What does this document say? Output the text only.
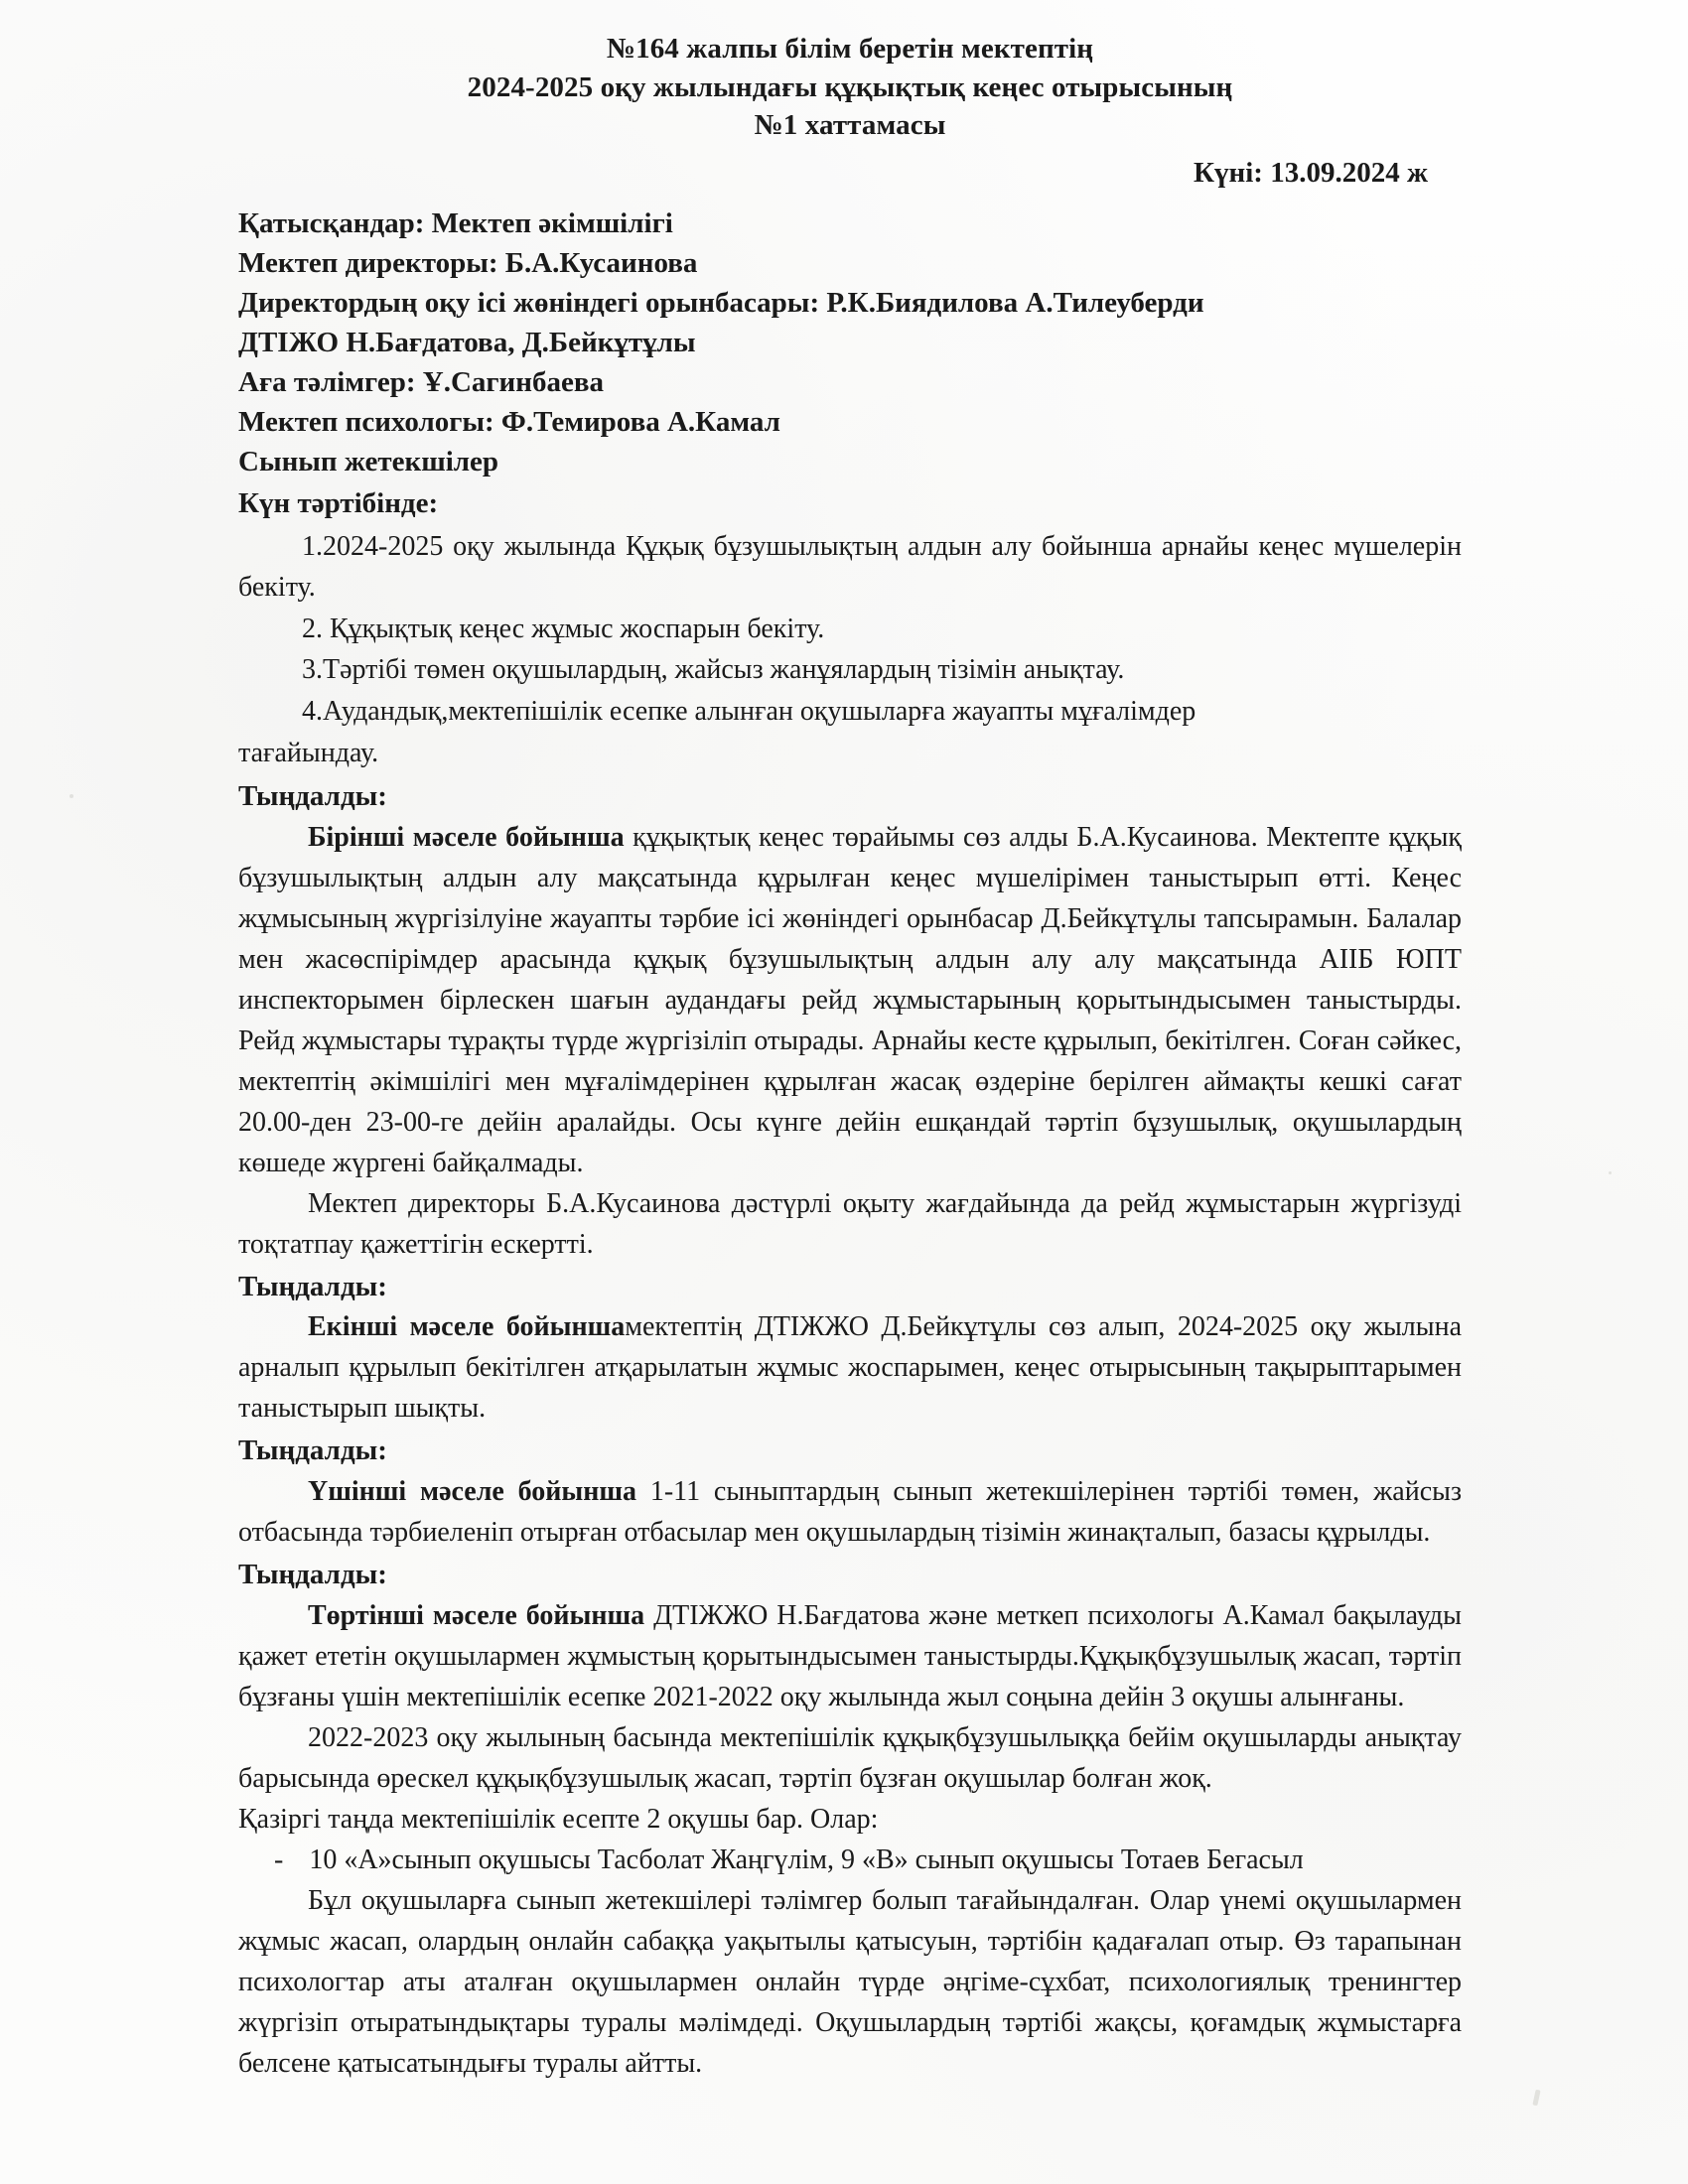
№164 жалпы білім беретін мектептің
2024-2025 оқу жылындағы құқықтық кеңес отырысының
№1 хаттамасы
Күні: 13.09.2024 ж
Қатысқандар: Мектеп әкімшілігі
Мектеп директоры: Б.А.Кусаинова
Директордың оқу ісі жөніндегі орынбасары: Р.К.Биядилова А.Тилеуберди
ДТІЖО Н.Бағдатова, Д.Бейкұтұлы
Аға тәлімгер: Ұ.Сагинбаева
Мектеп психологы: Ф.Темирова А.Камал
Сынып жетекшілер
Күн тәртібінде:
1.2024-2025 оқу жылында Құқық бұзушылықтың алдын алу бойынша арнайы кеңес мүшелерін бекіту.
2. Құқықтық кеңес жұмыс жоспарын бекіту.
3.Тәртібі төмен оқушылардың, жайсыз жанұялардың тізімін анықтау.
4.Аудандық,мектепішілік есепке алынған оқушыларға жауапты мұғалімдер
тағайындау.
Тыңдалды:

Бірінші мәселе бойынша құқықтық кеңес төрайымы сөз алды Б.А.Кусаинова. Мектепте құқық бұзушылықтың алдын алу мақсатында құрылған кеңес мүшелірімен таныстырып өтті. Кеңес жұмысының жүргізілуіне жауапты тәрбие ісі жөніндегі орынбасар Д.Бейкұтұлы тапсырамын. Балалар мен жасөспірімдер арасында құқық бұзушылықтың алдын алу алу мақсатында АІІБ ЮПТ инспекторымен бірлескен шағын аудандағы рейд жұмыстарының қорытындысымен таныстырды. Рейд жұмыстары тұрақты түрде жүргізіліп отырады. Арнайы кесте құрылып, бекітілген. Соған сәйкес, мектептің әкімшілігі мен мұғалімдерінен құрылған жасақ өздеріне берілген аймақты кешкі сағат 20.00-ден 23-00-ге дейін аралайды. Осы күнге дейін ешқандай тәртіп бұзушылық, оқушылардың көшеде жүргені байқалмады.

Мектеп директоры Б.А.Кусаинова дәстүрлі оқыту жағдайында да рейд жұмыстарын жүргізуді тоқтатпау қажеттігін ескертті.

Тыңдалды:

Екінші мәселе бойыншамектептің ДТІЖЖО Д.Бейкұтұлы сөз алып, 2024-2025 оқу жылына арналып құрылып бекітілген атқарылатын жұмыс жоспарымен, кеңес отырысының тақырыптарымен таныстырып шықты.

Тыңдалды:

Үшінші мәселе бойынша 1-11 сыныптардың сынып жетекшілерінен тәртібі төмен, жайсыз отбасында тәрбиеленіп отырған отбасылар мен оқушылардың тізімін жинақталып, базасы құрылды.

Тыңдалды:

Төртінші мәселе бойынша ДТІЖЖО Н.Бағдатова және меткеп психологы А.Камал бақылауды қажет ететін оқушылармен жұмыстың қорытындысымен таныстырды.Құқықбұзушылық жасап, тәртіп бұзғаны үшін мектепішілік есепке 2021-2022 оқу жылында жыл соңына дейін 3 оқушы алынғаны.

2022-2023 оқу жылының басында мектепішілік құқықбұзушылыққа бейім оқушыларды анықтау барысында өрескел құқықбұзушылық жасап, тәртіп бұзған оқушылар болған жоқ.

Қазіргі таңда мектепішілік есепте 2 оқушы бар. Олар:

- 10 «А»сынып оқушысы Тасболат Жаңгүлім, 9 «В» сынып оқушысы Тотаев Бегасыл

Бұл оқушыларға сынып жетекшілері тәлімгер болып тағайындалған. Олар үнемі оқушылармен жұмыс жасап, олардың онлайн сабаққа уақытылы қатысуын, тәртібін қадағалап отыр. Өз тарапынан психологтар аты аталған оқушылармен онлайн түрде әңгіме-сұхбат, психологиялық тренингтер жүргізіп отыратындықтары туралы мәлімдеді. Оқушылардың тәртібі жақсы, қоғамдық жұмыстарға белсене қатысатындығы туралы айтты.
